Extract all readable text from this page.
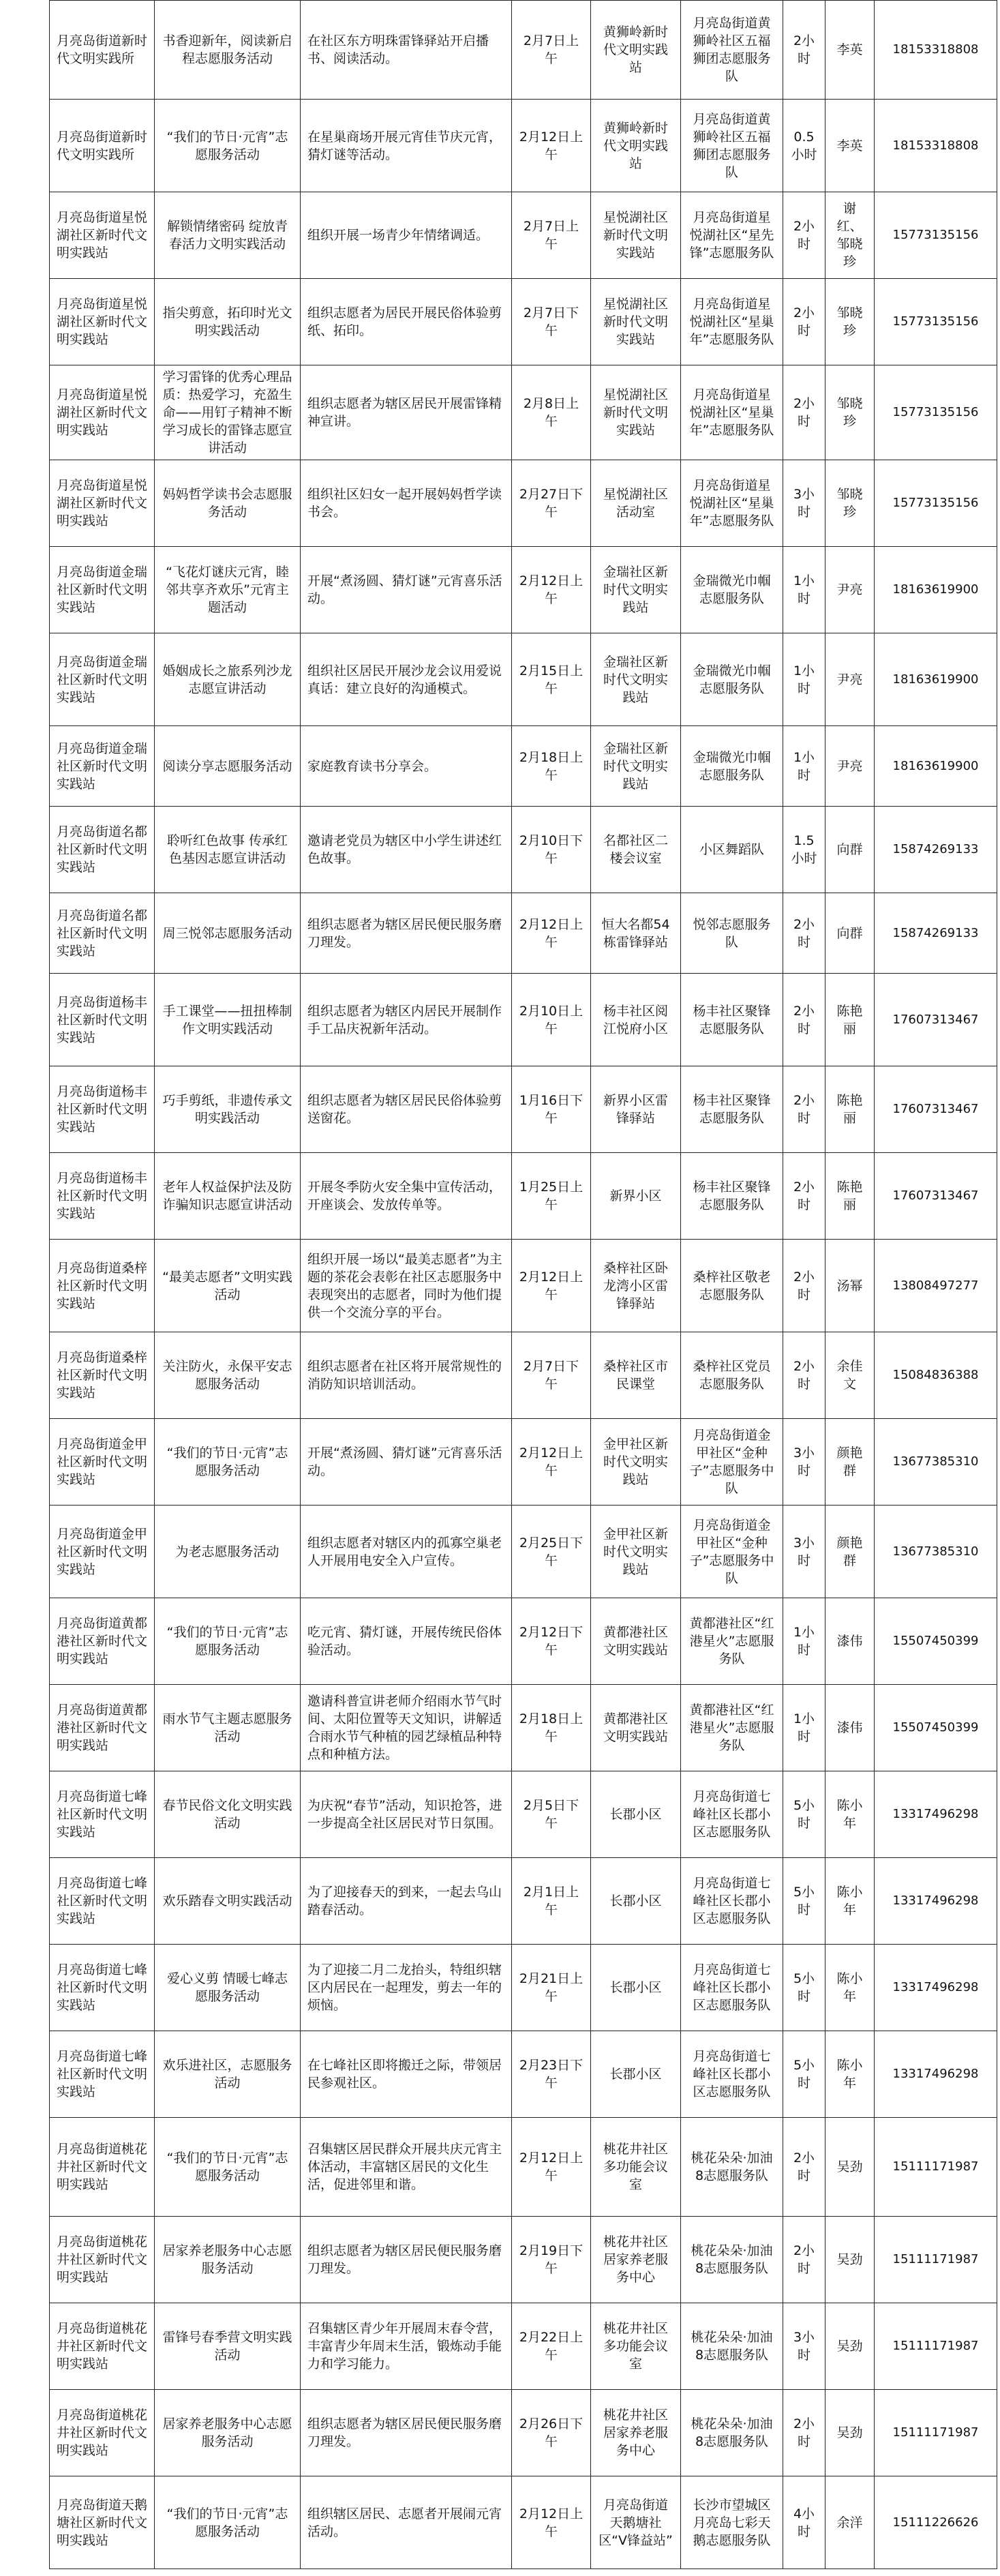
月亮岛街道新时代文明实践所	书香迎新年，阅读新启程志愿服务活动	在社区东方明珠雷锋驿站开启播书、阅读活动。	2月7日上午	黄狮岭新时代文明实践站	月亮岛街道黄狮岭社区五福狮团志愿服务队	2小时	李英	18153318808
月亮岛街道新时代文明实践所	“我们的节日·元宵”志愿服务活动	在星巢商场开展元宵佳节庆元宵，猜灯谜等活动。	2月12日上午	黄狮岭新时代文明实践站	月亮岛街道黄狮岭社区五福狮团志愿服务队	0.5小时	李英	18153318808
月亮岛街道星悦湖社区新时代文明实践站	解锁情绪密码 绽放青春活力文明实践活动	组织开展一场青少年情绪调适。	2月7日上午	星悦湖社区新时代文明实践站	月亮岛街道星悦湖社区“星先锋”志愿服务队	2小时	谢红、邹晓珍	15773135156
月亮岛街道星悦湖社区新时代文明实践站	指尖剪意，拓印时光文明实践活动	组织志愿者为居民开展民俗体验剪纸、拓印。	2月7日下午	星悦湖社区新时代文明实践站	月亮岛街道星悦湖社区“星巢年”志愿服务队	2小时	邹晓珍	15773135156
月亮岛街道星悦湖社区新时代文明实践站	学习雷锋的优秀心理品质：热爱学习，充盈生命——用钉子精神不断学习成长的雷锋志愿宣讲活动	组织志愿者为辖区居民开展雷锋精神宣讲。	2月8日上午	星悦湖社区新时代文明实践站	月亮岛街道星悦湖社区“星巢年”志愿服务队	2小时	邹晓珍	15773135156
月亮岛街道星悦湖社区新时代文明实践站	妈妈哲学读书会志愿服务活动	组织社区妇女一起开展妈妈哲学读书会。	2月27日下午	星悦湖社区活动室	月亮岛街道星悦湖社区“星巢年”志愿服务队	3小时	邹晓珍	15773135156
月亮岛街道金瑞社区新时代文明实践站	“飞花灯谜庆元宵，睦邻共享齐欢乐”元宵主题活动	开展“煮汤圆、猜灯谜”元宵喜乐活动。	2月12日上午	金瑞社区新时代文明实践站	金瑞微光巾帼志愿服务队	1小时	尹亮	18163619900
月亮岛街道金瑞社区新时代文明实践站	婚姻成长之旅系列沙龙志愿宣讲活动	组织社区居民开展沙龙会议用爱说真话：建立良好的沟通模式。	2月15日上午	金瑞社区新时代文明实践站	金瑞微光巾帼志愿服务队	1小时	尹亮	18163619900
月亮岛街道金瑞社区新时代文明实践站	阅读分享志愿服务活动	家庭教育读书分享会。	2月18日上午	金瑞社区新时代文明实践站	金瑞微光巾帼志愿服务队	1小时	尹亮	18163619900
月亮岛街道名都社区新时代文明实践站	聆听红色故事 传承红色基因志愿宣讲活动	邀请老党员为辖区中小学生讲述红色故事。	2月10日下午	名都社区二楼会议室	小区舞蹈队	1.5小时	向群	15874269133
月亮岛街道名都社区新时代文明实践站	周三悦邻志愿服务活动	组织志愿者为辖区居民便民服务磨刀理发。	2月12日上午	恒大名都54栋雷锋驿站	悦邻志愿服务队	2小时	向群	15874269133
月亮岛街道杨丰社区新时代文明实践站	手工课堂——扭扭棒制作文明实践活动	组织志愿者为辖区内居民开展制作手工品庆祝新年活动。	2月10日上午	杨丰社区阅江悦府小区	杨丰社区聚锋志愿服务队	2小时	陈艳丽	17607313467
月亮岛街道杨丰社区新时代文明实践站	巧手剪纸，非遗传承文明实践活动	组织志愿者为辖区居民民俗体验剪送窗花。	1月16日下午	新界小区雷锋驿站	杨丰社区聚锋志愿服务队	2小时	陈艳丽	17607313467
月亮岛街道杨丰社区新时代文明实践站	老年人权益保护法及防诈骗知识志愿宣讲活动	开展冬季防火安全集中宣传活动，开座谈会、发放传单等。	1月25日上午	新界小区	杨丰社区聚锋志愿服务队	2小时	陈艳丽	17607313467
月亮岛街道桑梓社区新时代文明实践站	“最美志愿者”文明实践活动	组织开展一场以“最美志愿者”为主题的茶花会表彰在社区志愿服务中表现突出的志愿者，同时为他们提供一个交流分享的平台。	2月12日上午	桑梓社区卧龙湾小区雷锋驿站	桑梓社区敬老志愿服务队	2小时	汤幂	13808497277
月亮岛街道桑梓社区新时代文明实践站	关注防火，永保平安志愿服务活动	组织志愿者在社区将开展常规性的消防知识培训活动。	2月7日下午	桑梓社区市民课堂	桑梓社区党员志愿服务队	2小时	余佳文	15084836388
月亮岛街道金甲社区新时代文明实践站	“我们的节日·元宵”志愿服务活动	开展“煮汤圆、猜灯谜”元宵喜乐活动。	2月12日上午	金甲社区新时代文明实践站	月亮岛街道金甲社区“金种子”志愿服务中队	3小时	颜艳群	13677385310
月亮岛街道金甲社区新时代文明实践站	为老志愿服务活动	组织志愿者对辖区内的孤寡空巢老人开展用电安全入户宣传。	2月25日下午	金甲社区新时代文明实践站	月亮岛街道金甲社区“金种子”志愿服务中队	3小时	颜艳群	13677385310
月亮岛街道黄都港社区新时代文明实践站	“我们的节日·元宵”志愿服务活动	吃元宵、猜灯谜，开展传统民俗体验活动。	2月12日下午	黄都港社区文明实践站	黄都港社区“红港星火”志愿服务队	1小时	漆伟	15507450399
月亮岛街道黄都港社区新时代文明实践站	雨水节气主题志愿服务活动	邀请科普宣讲老师介绍雨水节气时间、太阳位置等天文知识，讲解适合雨水节气种植的园艺绿植品种特点和种植方法。	2月18日上午	黄都港社区文明实践站	黄都港社区“红港星火”志愿服务队	1小时	漆伟	15507450399
月亮岛街道七峰社区新时代文明实践站	春节民俗文化文明实践活动	为庆祝“春节”活动，知识抢答，进一步提高全社区居民对节日氛围。	2月5日下午	长郡小区	月亮岛街道七峰社区长郡小区志愿服务队	5小时	陈小年	13317496298
月亮岛街道七峰社区新时代文明实践站	欢乐踏春文明实践活动	为了迎接春天的到来，一起去乌山踏春活动。	2月1日上午	长郡小区	月亮岛街道七峰社区长郡小区志愿服务队	5小时	陈小年	13317496298
月亮岛街道七峰社区新时代文明实践站	爱心义剪 情暖七峰志愿服务活动	为了迎接二月二龙抬头，特组织辖区内居民在一起理发，剪去一年的烦恼。	2月21日上午	长郡小区	月亮岛街道七峰社区长郡小区志愿服务队	5小时	陈小年	13317496298
月亮岛街道七峰社区新时代文明实践站	欢乐进社区，志愿服务活动	在七峰社区即将搬迁之际，带领居民参观社区。	2月23日下午	长郡小区	月亮岛街道七峰社区长郡小区志愿服务队	5小时	陈小年	13317496298
月亮岛街道桃花井社区新时代文明实践站	“我们的节日·元宵”志愿服务活动	召集辖区居民群众开展共庆元宵主体活动，丰富辖区居民的文化生活，促进邻里和谐。	2月12日上午	桃花井社区多功能会议室	桃花朵朵·加油8志愿服务队	2小时	吴劲	15111171987
月亮岛街道桃花井社区新时代文明实践站	居家养老服务中心志愿服务活动	组织志愿者为辖区居民便民服务磨刀理发。	2月19日下午	桃花井社区居家养老服务中心	桃花朵朵·加油8志愿服务队	2小时	吴劲	15111171987
月亮岛街道桃花井社区新时代文明实践站	雷锋号春季营文明实践活动	召集辖区青少年开展周末春令营，丰富青少年周末生活，锻炼动手能力和学习能力。	2月22日上午	桃花井社区多功能会议室	桃花朵朵·加油8志愿服务队	3小时	吴劲	15111171987
月亮岛街道桃花井社区新时代文明实践站	居家养老服务中心志愿服务活动	组织志愿者为辖区居民便民服务磨刀理发。	2月26日下午	桃花井社区居家养老服务中心	桃花朵朵·加油8志愿服务队	2小时	吴劲	15111171987
月亮岛街道天鹅塘社区新时代文明实践站	“我们的节日·元宵”志愿服务活动	组织辖区居民、志愿者开展闹元宵活动。	2月12日上午	月亮岛街道天鹅塘社区“V锋益站”	长沙市望城区月亮岛七彩天鹅志愿服务队	4小时	余洋	15111226626
